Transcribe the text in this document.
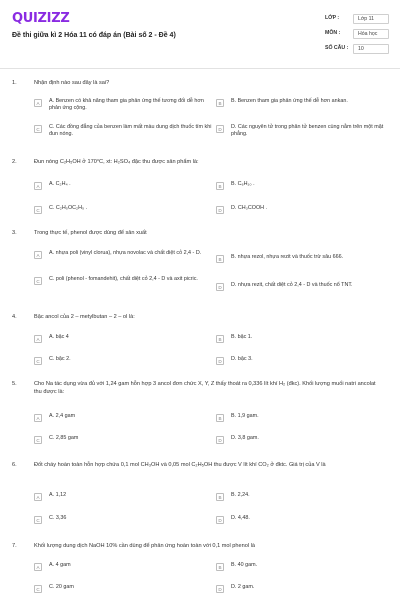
QUIZIZZ
Đề thi giữa kì 2 Hóa 11 có đáp án (Bài số 2 - Đề 4)
LỚP :	Lớp 11
MÔN :	Hóa học
SỐ CÂU :	10
1.	Nhận định nào sau đây là sai?
A	A. Benzen có khả năng tham gia phản ứng thế tương đối dễ hơn phản ứng cộng.
B	B. Benzen tham gia phản ứng thế dễ hơn ankan.
C	C. Các đồng đẳng của benzen làm mất màu dung dịch thuốc tím khi đun nóng.
D	D. Các nguyên tử trong phân tử benzen cùng nằm trên một mặt phẳng.
2.	Đun nóng C₂H₅OH ở 170°C, xt: H₂SO₄ đặc thu được sản phẩm là:
A	A. C₂H₄ .	B	B. C₆H₁₀ .
C	C. C₂H₅OC₂H₅ .	D	D. CH₃COOH .
3.	Trong thực tế, phenol được dùng để sản xuất
A	A. nhựa poli (vinyl clorua), nhựa novolac và chất diệt cỏ 2,4 - D.
B	B. nhựa rezol, nhựa rezit và thuốc trừ sâu 666.
C	C. poli (phenol - fomandehit), chất diệt cỏ 2,4 - D và axit picric.
D	D. nhựa rezit, chất diệt cỏ 2,4 - D và thuốc nổ TNT.
4.	Bậc ancol của 2 – metylbutan – 2 – ol là:
A	A. bậc 4	B	B. bậc 1.
C	C. bậc 2.	D	D. bậc 3.
5.	Cho Na tác dụng vừa đủ với 1,24 gam hỗn hợp 3 ancol đơn chức X, Y, Z thấy thoát ra 0,336 lít khí H₂ (đkc). Khối lượng muối natri ancolat thu được là:
A	A. 2,4 gam	B	B. 1,9 gam.
C	C. 2,85 gam	D	D. 3,8 gam.
6.	Đốt cháy hoàn toàn hỗn hợp chứa 0,1 mol CH₃OH và 0,05 mol C₂H₅OH thu được V lít khí CO₂ ở đktc. Giá trị của V là
A	A. 1,12	B	B. 2,24.
C	C. 3,36	D	D. 4,48.
7.	Khối lượng dung dịch NaOH 10% cần dùng để phản ứng hoàn toàn với 0,1 mol phenol là
A	A. 4 gam	B	B. 40 gam.
C	C. 20 gam	D	D. 2 gam.
